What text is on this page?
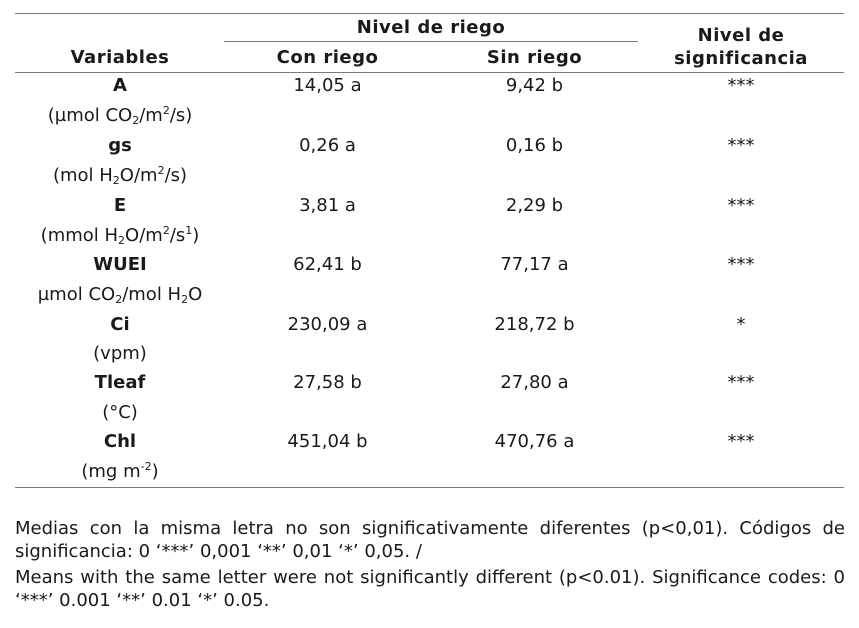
Nivel de riego
Variables	Con riego	Sin riego
Nivel de
significancia
A	14,05 a	9,42 b	***
(µmol $CO_2/m^2/s$)
gs	0,26 a	0,16 b	***
(mol $H_2O/m^2/s$)
E	3,81 a	2,29 b	***
(mmol $H_2O/m^2/s^1$)
WUEI	62,41 b	77,17 a	***
µmol $CO_2$/mol $H_2O$
Ci	230,09 a	218,72 b	*
(vpm)
Tleaf	27,58 b	27,80 a	***
(°C)
Chl	451,04 b	470,76 a	***
(mg $m^{-2}$)
Medias con la misma letra no son significativamente diferentes (p<0,01). Códigos de significancia: 0 ‘***’ 0,001 ‘**’ 0,01 ‘*’ 0,05. /
Means with the same letter were not significantly different (p<0.01). Significance codes: 0 ‘***’ 0.001 ‘**’ 0.01 ‘*’ 0.05.
